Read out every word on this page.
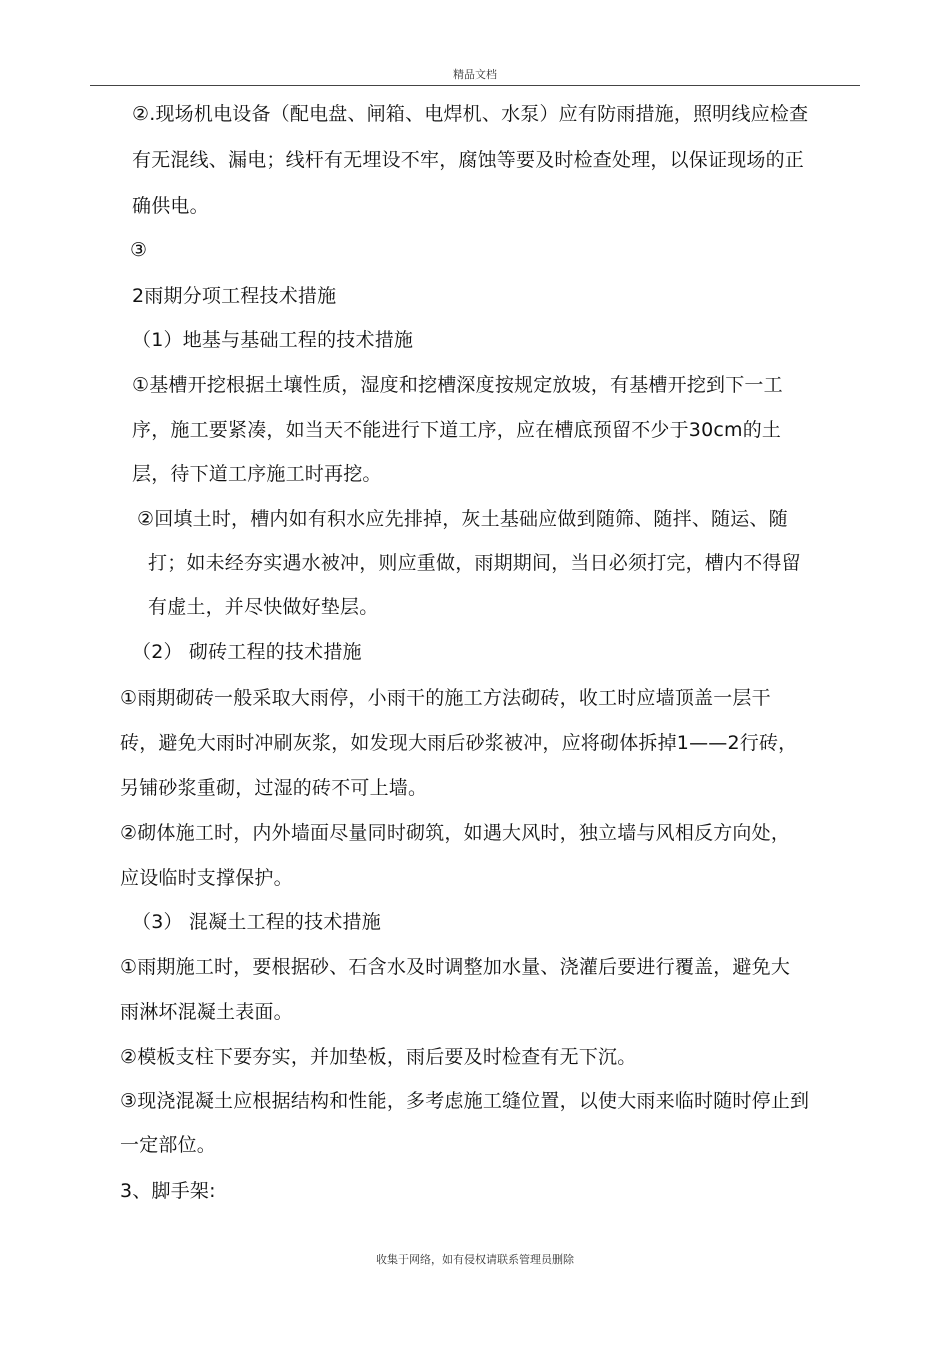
精品文档
②.现场机电设备（配电盘、闸箱、电焊机、水泵）应有防雨措施，照明线应检查
有无混线、漏电；线杆有无埋设不牢，腐蚀等要及时检查处理，以保证现场的正
确供电。
③
2雨期分项工程技术措施
（1）地基与基础工程的技术措施
①基槽开挖根据土壤性质，湿度和挖槽深度按规定放坡，有基槽开挖到下一工
序，施工要紧凑，如当天不能进行下道工序，应在槽底预留不少于30cm的土
层，待下道工序施工时再挖。
②回填土时，槽内如有积水应先排掉，灰土基础应做到随筛、随拌、随运、随
打；如未经夯实遇水被冲，则应重做，雨期期间，当日必须打完，槽内不得留
有虚土，并尽快做好垫层。
（2） 砌砖工程的技术措施
①雨期砌砖一般采取大雨停，小雨干的施工方法砌砖，收工时应墙顶盖一层干
砖，避免大雨时冲刷灰浆，如发现大雨后砂浆被冲，应将砌体拆掉1——2行砖，
另铺砂浆重砌，过湿的砖不可上墙。
②砌体施工时，内外墙面尽量同时砌筑，如遇大风时，独立墙与风相反方向处，
应设临时支撑保护。
（3） 混凝土工程的技术措施
①雨期施工时，要根据砂、石含水及时调整加水量、浇灌后要进行覆盖，避免大
雨淋坏混凝土表面。
②模板支柱下要夯实，并加垫板，雨后要及时检查有无下沉。
③现浇混凝土应根据结构和性能，多考虑施工缝位置，以使大雨来临时随时停止到
一定部位。
3、脚手架:
收集于网络，如有侵权请联系管理员删除
